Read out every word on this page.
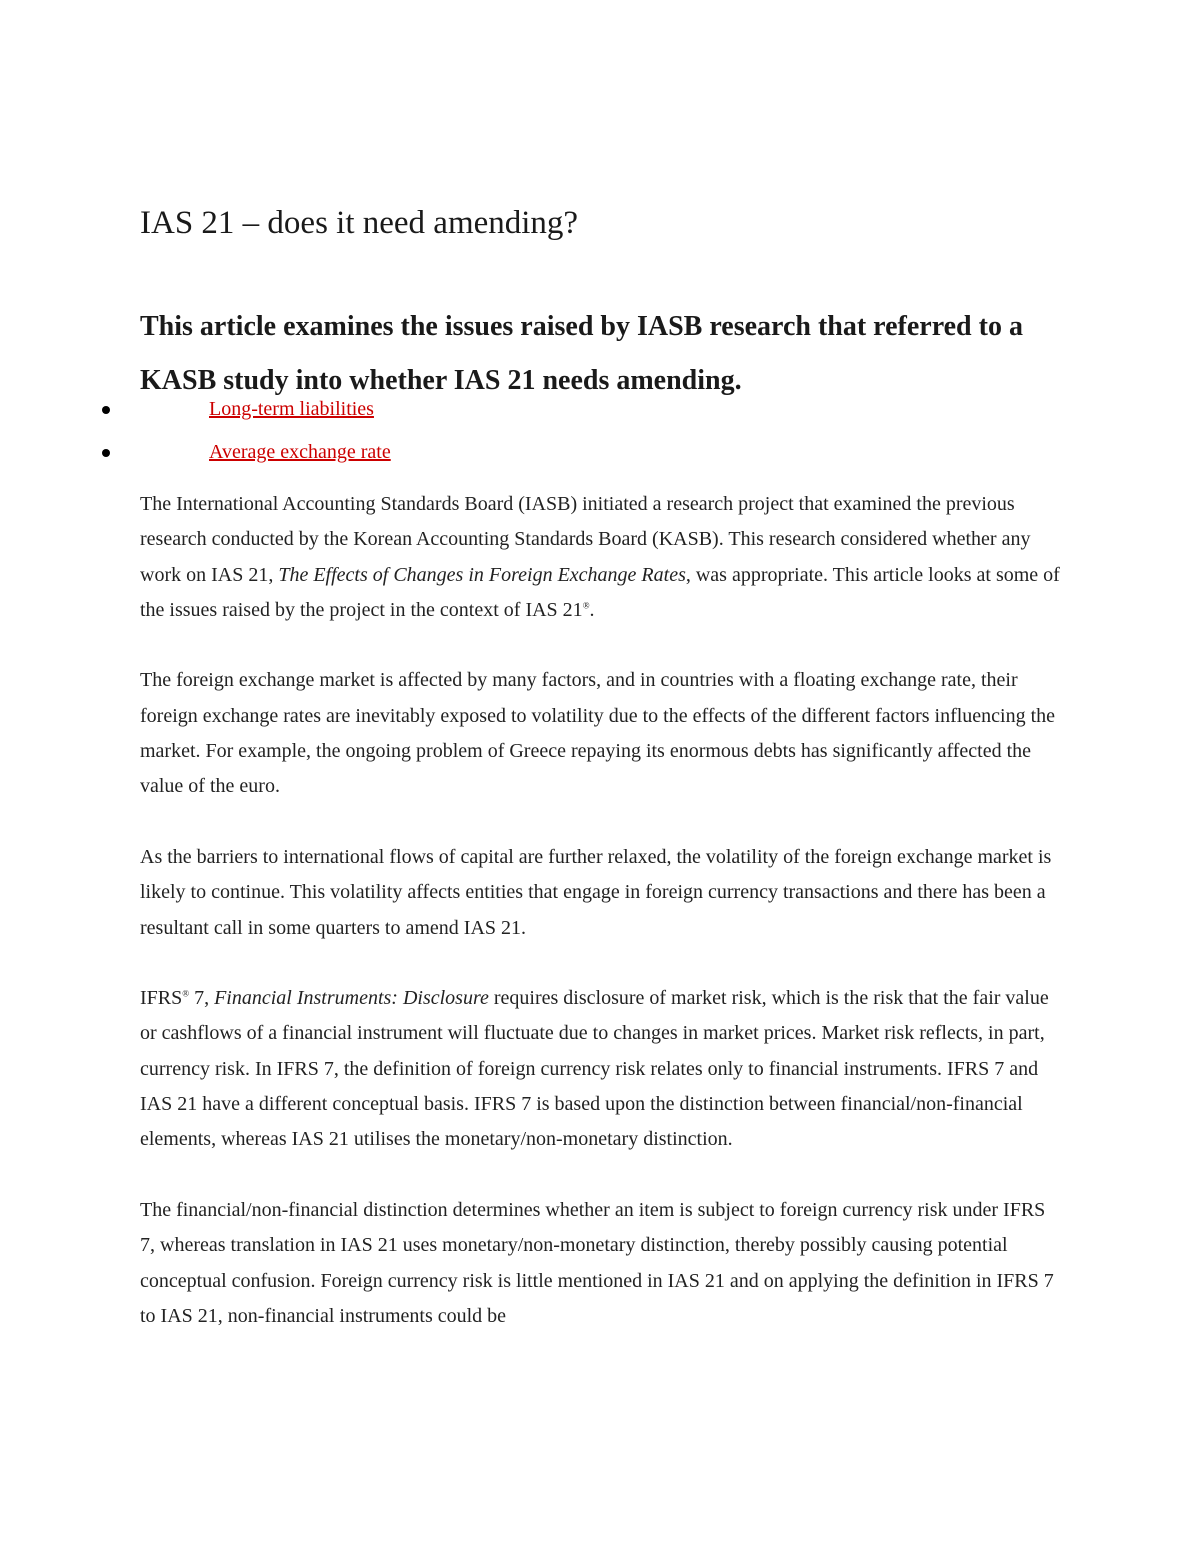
IAS 21 – does it need amending?
This article examines the issues raised by IASB research that referred to a KASB study into whether IAS 21 needs amending.
Long-term liabilities
Average exchange rate

The International Accounting Standards Board (IASB) initiated a research project that examined the previous research conducted by the Korean Accounting Standards Board (KASB). This research considered whether any work on IAS 21, The Effects of Changes in Foreign Exchange Rates, was appropriate. This article looks at some of the issues raised by the project in the context of IAS 21®.

The foreign exchange market is affected by many factors, and in countries with a floating exchange rate, their foreign exchange rates are inevitably exposed to volatility due to the effects of the different factors influencing the market. For example, the ongoing problem of Greece repaying its enormous debts has significantly affected the value of the euro.

As the barriers to international flows of capital are further relaxed, the volatility of the foreign exchange market is likely to continue. This volatility affects entities that engage in foreign currency transactions and there has been a resultant call in some quarters to amend IAS 21.

IFRS® 7, Financial Instruments: Disclosure requires disclosure of market risk, which is the risk that the fair value or cashflows of a financial instrument will fluctuate due to changes in market prices. Market risk reflects, in part, currency risk. In IFRS 7, the definition of foreign currency risk relates only to financial instruments. IFRS 7 and IAS 21 have a different conceptual basis. IFRS 7 is based upon the distinction between financial/non-financial elements, whereas IAS 21 utilises the monetary/non-monetary distinction.

The financial/non-financial distinction determines whether an item is subject to foreign currency risk under IFRS 7, whereas translation in IAS 21 uses monetary/non-monetary distinction, thereby possibly causing potential conceptual confusion. Foreign currency risk is little mentioned in IAS 21 and on applying the definition in IFRS 7 to IAS 21, non-financial instruments could be
